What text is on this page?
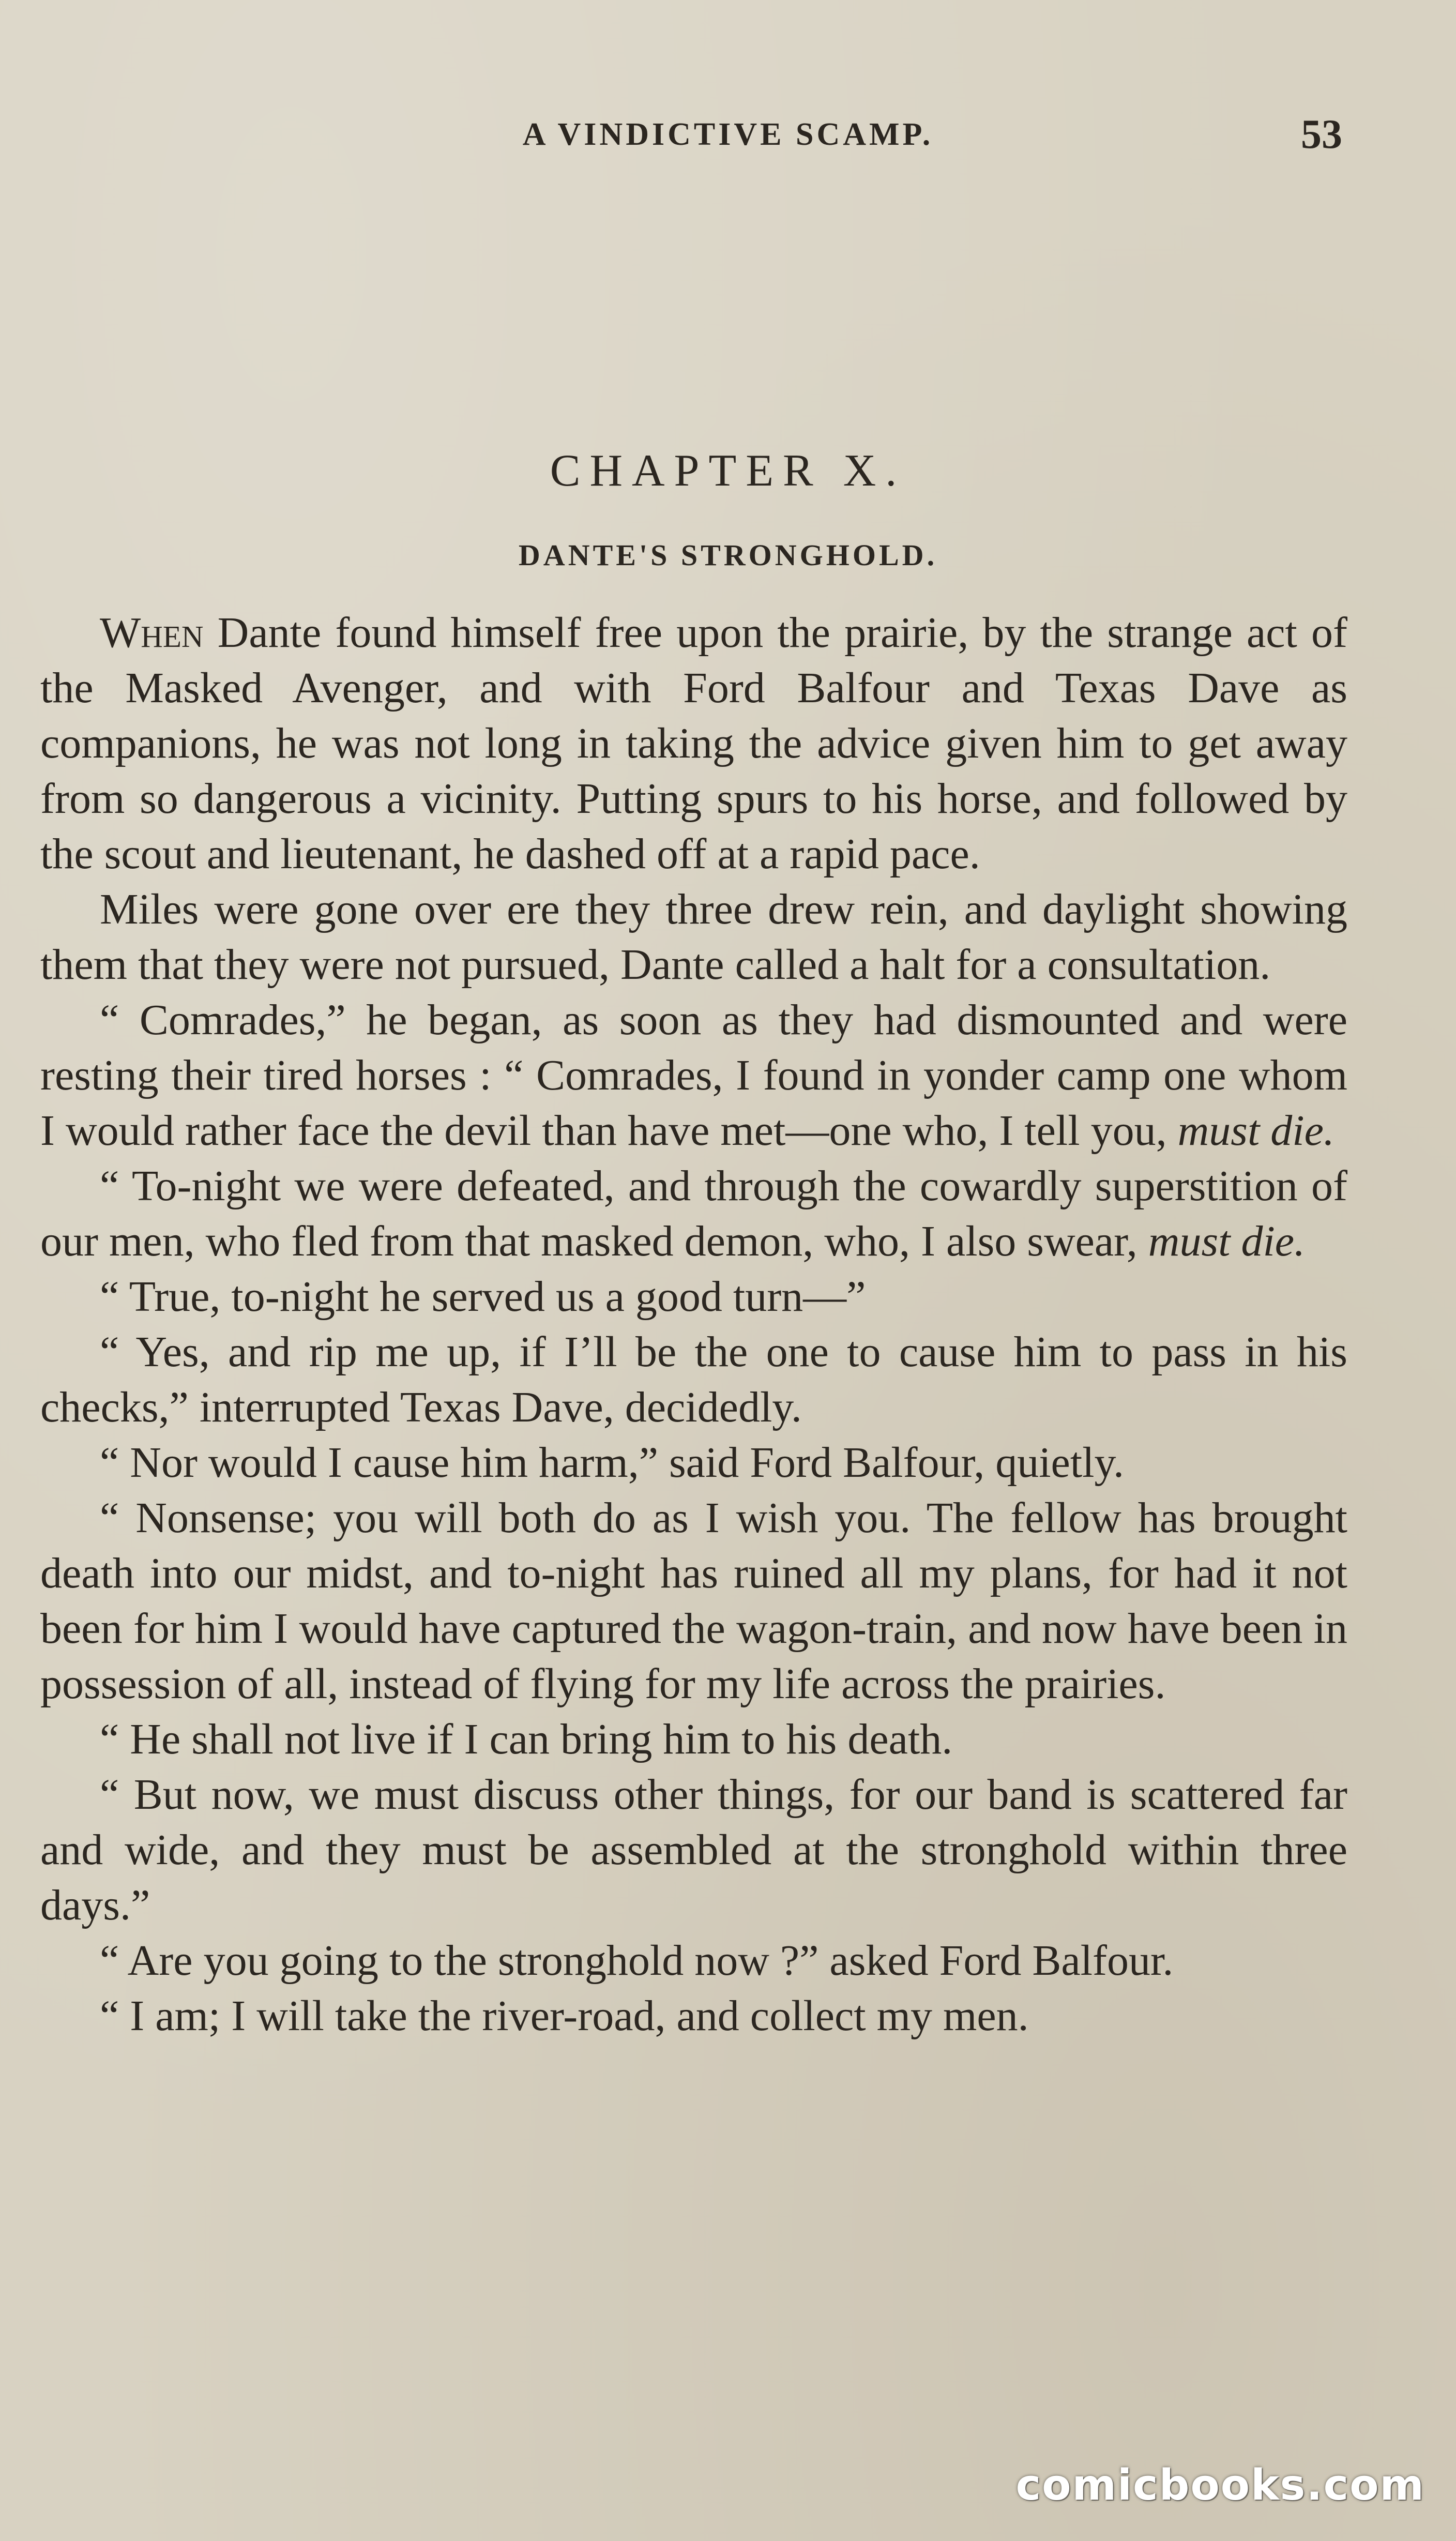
A VINDICTIVE SCAMP.	53
CHAPTER X.
DANTE'S STRONGHOLD.

When Dante found himself free upon the prairie, by the strange act of the Masked Avenger, and with Ford Balfour and Texas Dave as companions, he was not long in taking the advice given him to get away from so dangerous a vicinity. Putting spurs to his horse, and followed by the scout and lieutenant, he dashed off at a rapid pace.

Miles were gone over ere they three drew rein, and daylight showing them that they were not pursued, Dante called a halt for a consultation.

“ Comrades,” he began, as soon as they had dismounted and were resting their tired horses : “ Comrades, I found in yonder camp one whom I would rather face the devil than have met—one who, I tell you, must die.

“ To-night we were defeated, and through the cowardly superstition of our men, who fled from that masked demon, who, I also swear, must die.

“ True, to-night he served us a good turn—”

“ Yes, and rip me up, if I’ll be the one to cause him to pass in his checks,” interrupted Texas Dave, decidedly.

“ Nor would I cause him harm,” said Ford Balfour, quietly.

“ Nonsense; you will both do as I wish you. The fellow has brought death into our midst, and to-night has ruined all my plans, for had it not been for him I would have captured the wagon-train, and now have been in possession of all, instead of flying for my life across the prairies.

“ He shall not live if I can bring him to his death.

“ But now, we must discuss other things, for our band is scattered far and wide, and they must be assembled at the stronghold within three days.”

“ Are you going to the stronghold now ?” asked Ford Balfour.

“ I am; I will take the river-road, and collect my men.

comicbooks.com
